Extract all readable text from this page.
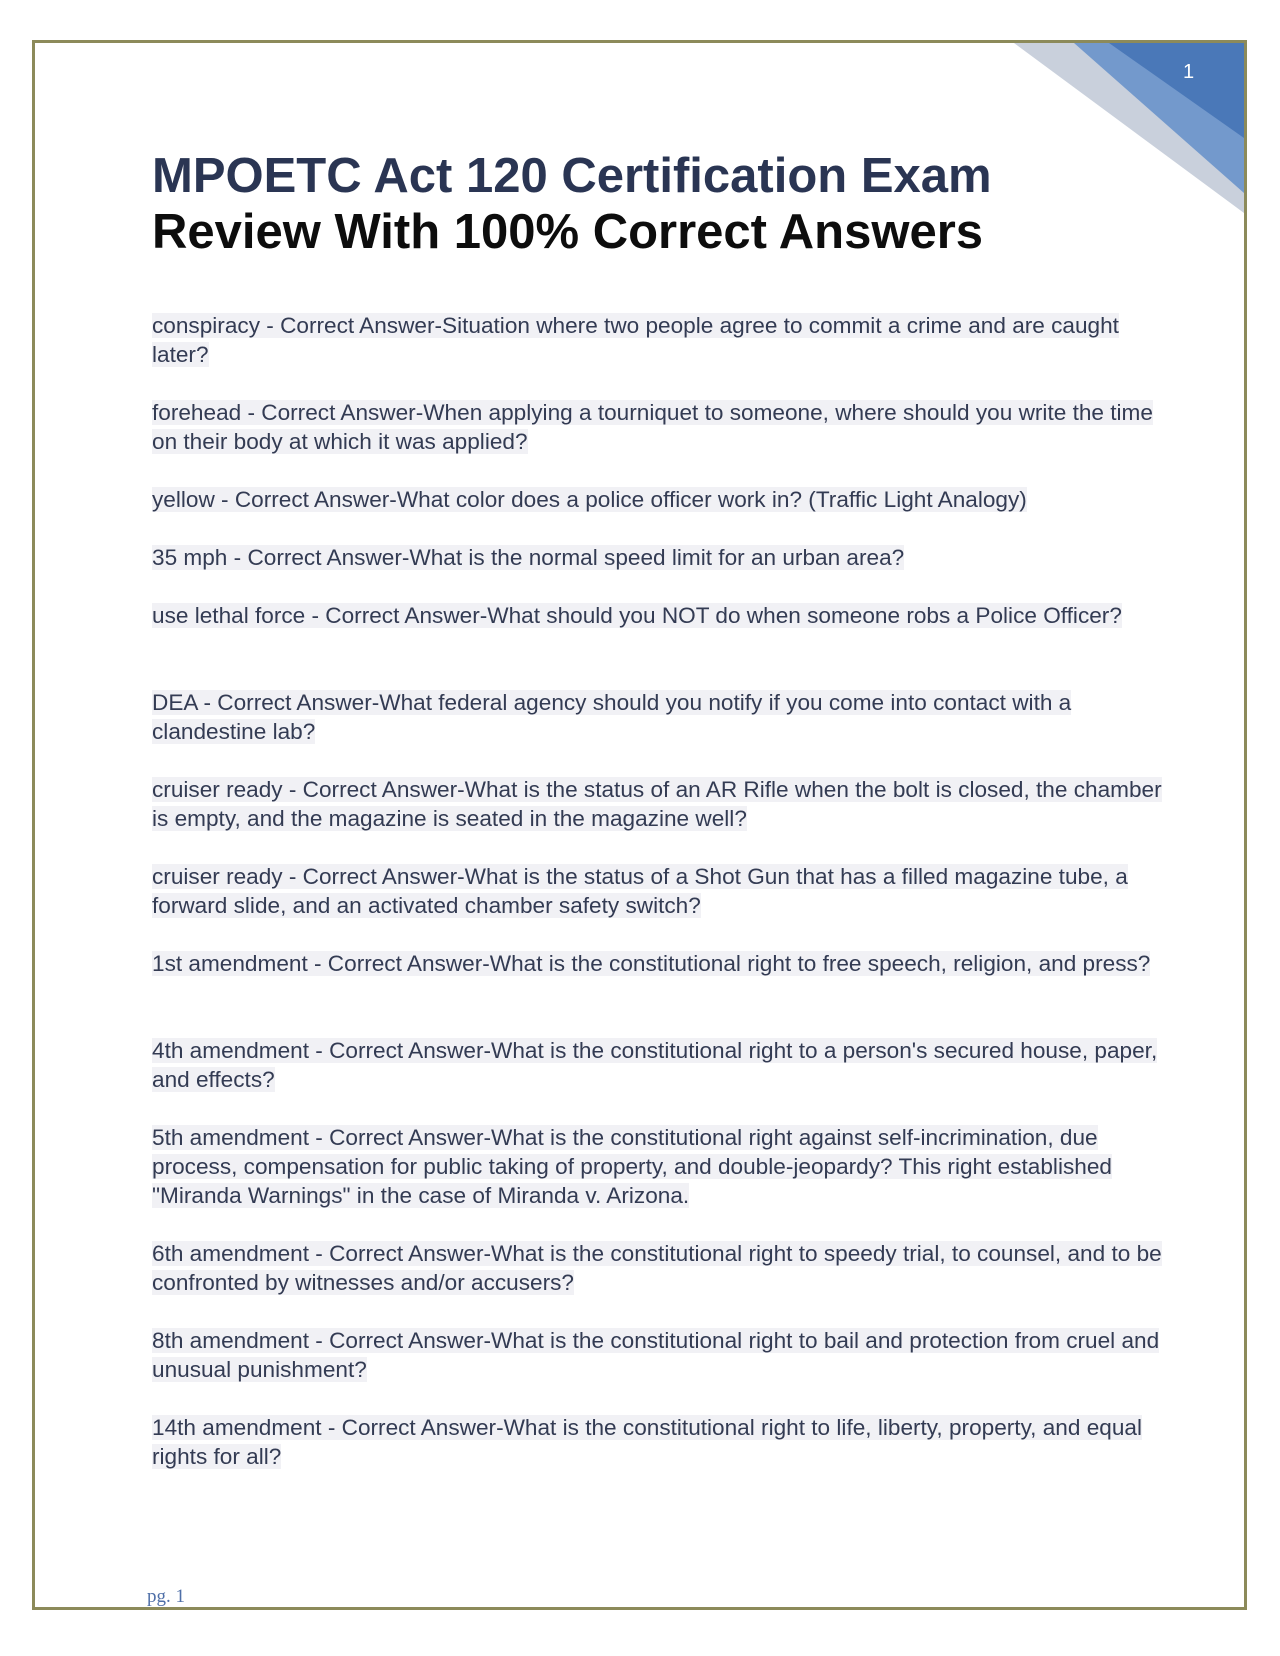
1
MPOETC Act 120 Certification Exam
Review With 100% Correct Answers
conspiracy - Correct Answer-Situation where two people agree to commit a crime and are caught later?
forehead - Correct Answer-When applying a tourniquet to someone, where should you write the time on their body at which it was applied?
yellow - Correct Answer-What color does a police officer work in? (Traffic Light Analogy)
35 mph - Correct Answer-What is the normal speed limit for an urban area?
use lethal force - Correct Answer-What should you NOT do when someone robs a Police Officer?
DEA - Correct Answer-What federal agency should you notify if you come into contact with a clandestine lab?
cruiser ready - Correct Answer-What is the status of an AR Rifle when the bolt is closed, the chamber is empty, and the magazine is seated in the magazine well?
cruiser ready - Correct Answer-What is the status of a Shot Gun that has a filled magazine tube, a forward slide, and an activated chamber safety switch?
1st amendment - Correct Answer-What is the constitutional right to free speech, religion, and press?
4th amendment - Correct Answer-What is the constitutional right to a person's secured house, paper, and effects?
5th amendment - Correct Answer-What is the constitutional right against self-incrimination, due process, compensation for public taking of property, and double-jeopardy? This right established "Miranda Warnings" in the case of Miranda v. Arizona.
6th amendment - Correct Answer-What is the constitutional right to speedy trial, to counsel, and to be confronted by witnesses and/or accusers?
8th amendment - Correct Answer-What is the constitutional right to bail and protection from cruel and unusual punishment?
14th amendment - Correct Answer-What is the constitutional right to life, liberty, property, and equal rights for all?
pg. 1
